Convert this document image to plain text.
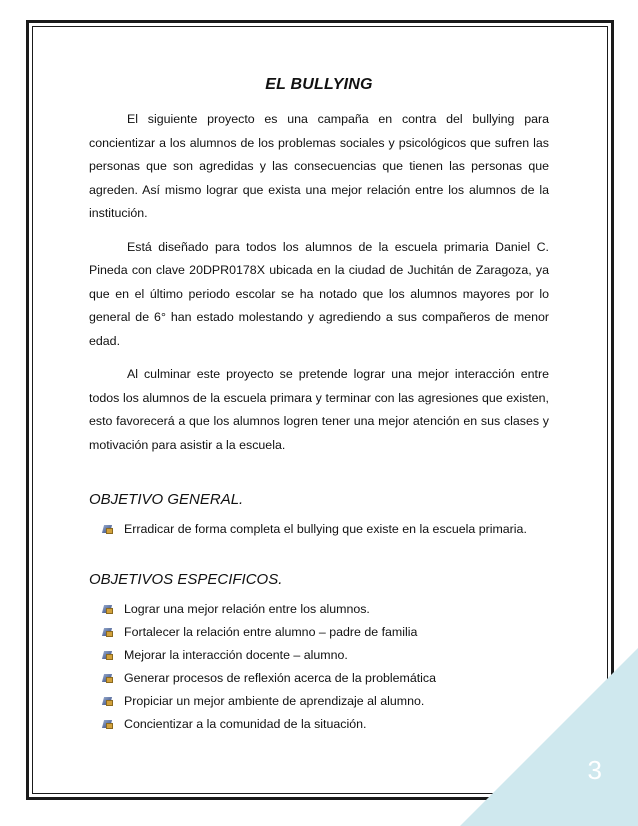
EL BULLYING

El siguiente proyecto es una campaña en contra del bullying para concientizar a los alumnos de los problemas sociales y psicológicos que sufren las personas que son agredidas y las consecuencias que tienen las personas que agreden. Así mismo lograr que exista una mejor relación entre los alumnos de la institución.

Está diseñado para todos los alumnos de la escuela primaria Daniel C. Pineda con clave 20DPR0178X ubicada en la ciudad de Juchitán de Zaragoza, ya que en el último periodo escolar se ha notado que los alumnos mayores por lo general de 6° han estado molestando y agrediendo a sus compañeros de menor edad.

Al culminar este proyecto se pretende lograr una mejor interacción entre todos los alumnos de la escuela primara y terminar con las agresiones que existen, esto favorecerá a que los alumnos logren tener una mejor atención en sus clases y motivación para asistir a la escuela.

OBJETIVO GENERAL.
Erradicar de forma completa el bullying que existe en la escuela primaria.
OBJETIVOS ESPECIFICOS.
Lograr una mejor relación entre los alumnos.
Fortalecer la relación entre alumno – padre de familia
Mejorar la interacción docente – alumno.
Generar procesos de reflexión acerca de la problemática
Propiciar un mejor ambiente de aprendizaje al alumno.
Concientizar a la comunidad de la situación.
3
